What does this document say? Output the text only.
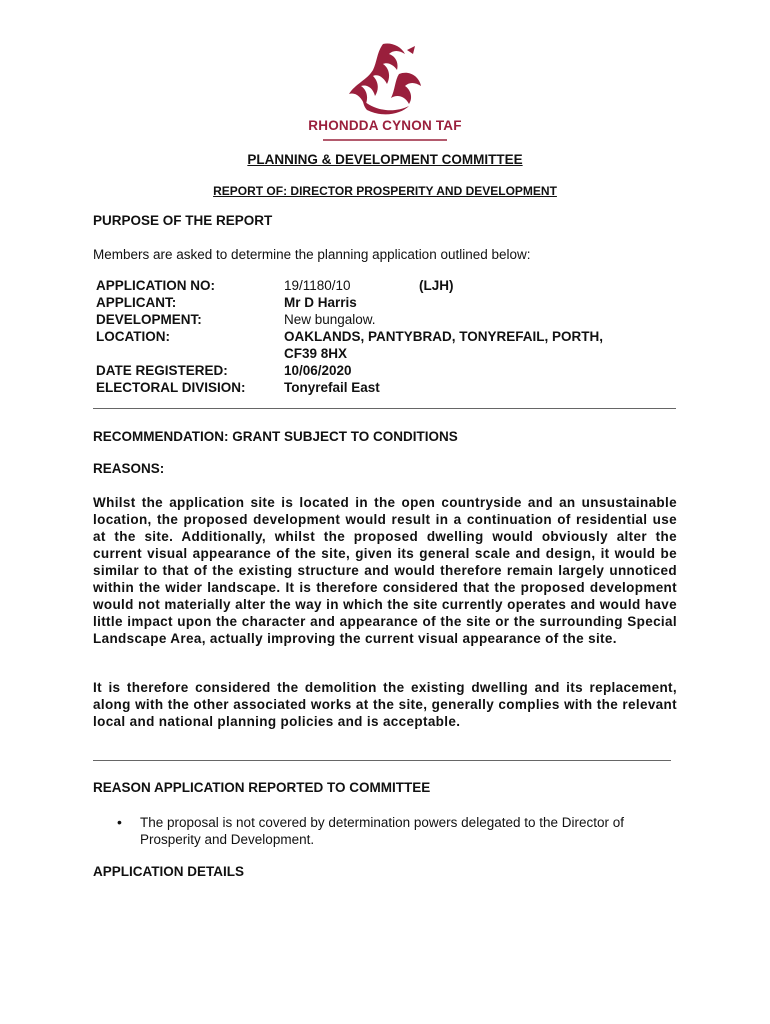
RHONDDA CYNON TAF
PLANNING & DEVELOPMENT COMMITTEE
REPORT OF: DIRECTOR PROSPERITY AND DEVELOPMENT
PURPOSE OF THE REPORT
Members are asked to determine the planning application outlined below:
APPLICATION NO:	19/1180/10	(LJH)
APPLICANT:	Mr D Harris
DEVELOPMENT:	New bungalow.
LOCATION:	OAKLANDS, PANTYBRAD, TONYREFAIL, PORTH,
CF39 8HX
DATE REGISTERED:	10/06/2020
ELECTORAL DIVISION:	Tonyrefail East
RECOMMENDATION: GRANT SUBJECT TO CONDITIONS
REASONS:
Whilst the application site is located in the open countryside and an unsustainable location, the proposed development would result in a continuation of residential use at the site. Additionally, whilst the proposed dwelling would obviously alter the current visual appearance of the site, given its general scale and design, it would be similar to that of the existing structure and would therefore remain largely unnoticed within the wider landscape. It is therefore considered that the proposed development would not materially alter the way in which the site currently operates and would have little impact upon the character and appearance of the site or the surrounding Special Landscape Area, actually improving the current visual appearance of the site.
It is therefore considered the demolition the existing dwelling and its replacement, along with the other associated works at the site, generally complies with the relevant local and national planning policies and is acceptable.
REASON APPLICATION REPORTED TO COMMITTEE
• The proposal is not covered by determination powers delegated to the Director of Prosperity and Development.
APPLICATION DETAILS
